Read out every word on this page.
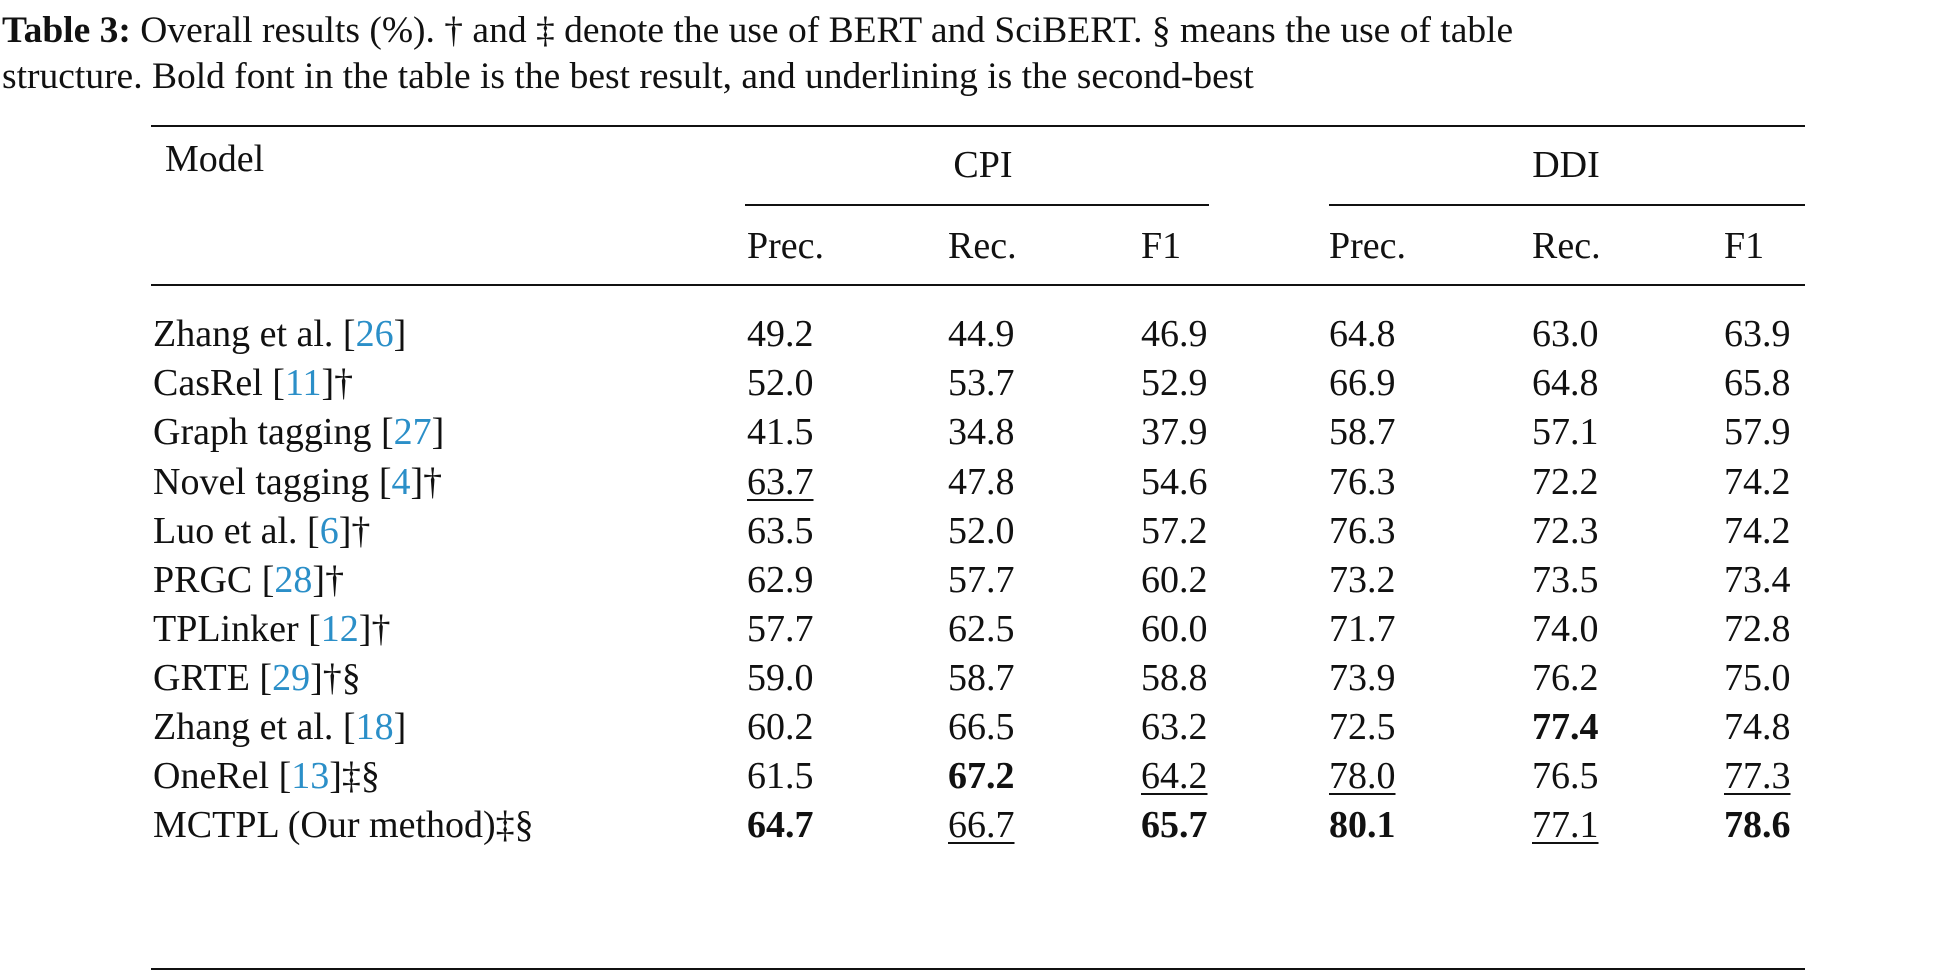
Table 3: Overall results (%). † and ‡ denote the use of BERT and SciBERT. § means the use of table
structure. Bold font in the table is the best result, and underlining is the second-best
Model	CPI	DDI
Prec.	Rec.	F1	Prec.	Rec.	F1
Zhang et al. [26]	49.2	44.9	46.9	64.8	63.0	63.9
CasRel [11]†	52.0	53.7	52.9	66.9	64.8	65.8
Graph tagging [27]	41.5	34.8	37.9	58.7	57.1	57.9
Novel tagging [4]†	63.7	47.8	54.6	76.3	72.2	74.2
Luo et al. [6]†	63.5	52.0	57.2	76.3	72.3	74.2
PRGC [28]†	62.9	57.7	60.2	73.2	73.5	73.4
TPLinker [12]†	57.7	62.5	60.0	71.7	74.0	72.8
GRTE [29]†§	59.0	58.7	58.8	73.9	76.2	75.0
Zhang et al. [18]	60.2	66.5	63.2	72.5	77.4	74.8
OneRel [13]‡§	61.5	67.2	64.2	78.0	76.5	77.3
MCTPL (Our method)‡§	64.7	66.7	65.7	80.1	77.1	78.6
